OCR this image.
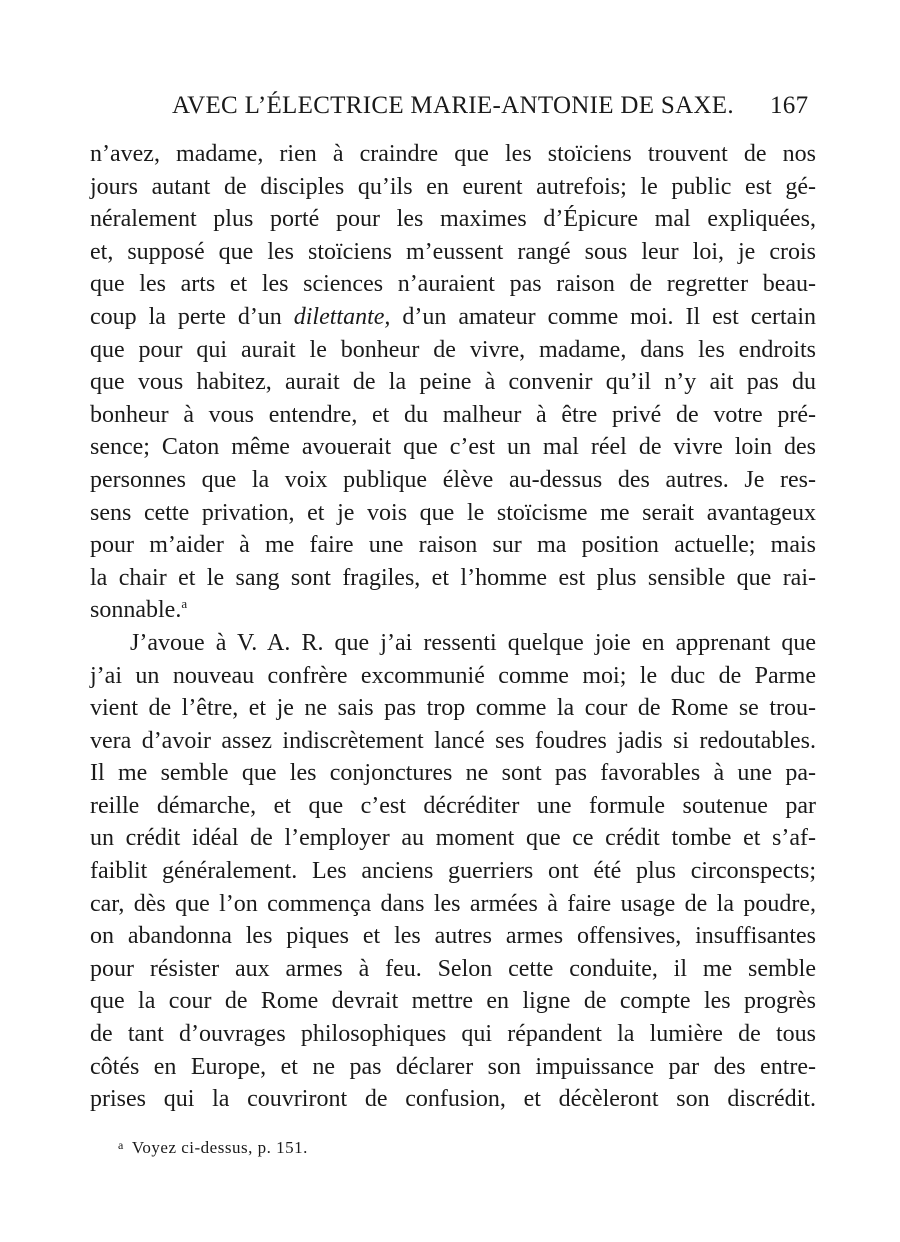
AVEC L’ÉLECTRICE MARIE-ANTONIE DE SAXE. 167
n’avez, madame, rien à craindre que les stoïciens trouvent de nos
jours autant de disciples qu’ils en eurent autrefois; le public est gé-
néralement plus porté pour les maximes d’Épicure mal expliquées,
et, supposé que les stoïciens m’eussent rangé sous leur loi, je crois
que les arts et les sciences n’auraient pas raison de regretter beau-
coup la perte d’un dilettante, d’un amateur comme moi. Il est certain
que pour qui aurait le bonheur de vivre, madame, dans les endroits
que vous habitez, aurait de la peine à convenir qu’il n’y ait pas du
bonheur à vous entendre, et du malheur à être privé de votre pré-
sence; Caton même avouerait que c’est un mal réel de vivre loin des
personnes que la voix publique élève au-dessus des autres. Je res-
sens cette privation, et je vois que le stoïcisme me serait avantageux
pour m’aider à me faire une raison sur ma position actuelle; mais
la chair et le sang sont fragiles, et l’homme est plus sensible que rai-
sonnable.$^a$
J’avoue à V. A. R. que j’ai ressenti quelque joie en apprenant que
j’ai un nouveau confrère excommunié comme moi; le duc de Parme
vient de l’être, et je ne sais pas trop comme la cour de Rome se trou-
vera d’avoir assez indiscrètement lancé ses foudres jadis si redoutables.
Il me semble que les conjonctures ne sont pas favorables à une pa-
reille démarche, et que c’est décréditer une formule soutenue par
un crédit idéal de l’employer au moment que ce crédit tombe et s’af-
faiblit généralement. Les anciens guerriers ont été plus circonspects;
car, dès que l’on commença dans les armées à faire usage de la poudre,
on abandonna les piques et les autres armes offensives, insuffisantes
pour résister aux armes à feu. Selon cette conduite, il me semble
que la cour de Rome devrait mettre en ligne de compte les progrès
de tant d’ouvrages philosophiques qui répandent la lumière de tous
côtés en Europe, et ne pas déclarer son impuissance par des entre-
prises qui la couvriront de confusion, et décèleront son discrédit.
$^a$ Voyez ci-dessus, p. 151.
